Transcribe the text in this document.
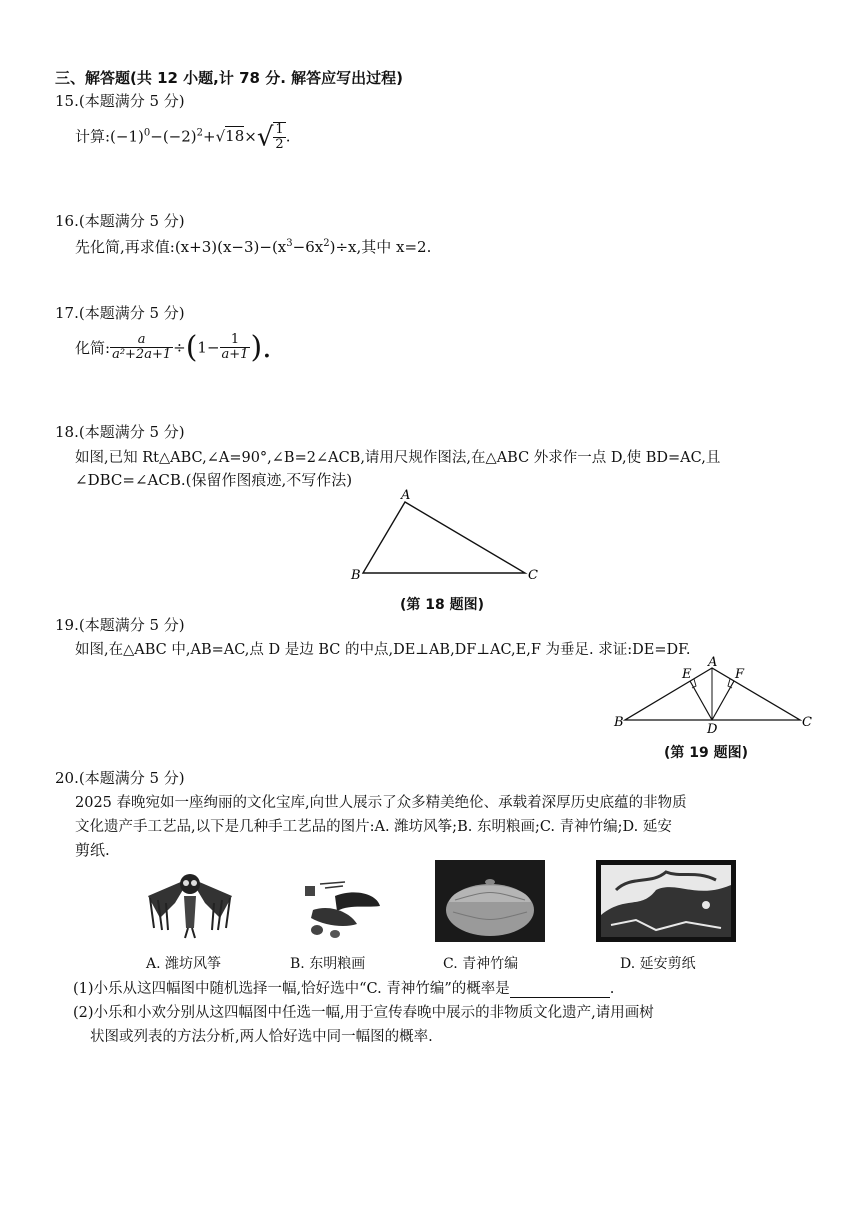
三、解答题(共 12 小题,计 78 分. 解答应写出过程)
15.(本题满分 5 分)
计算$:(-1)^0-(-2)^2+√18\times√ \frac{1}{2}$ .
16.(本题满分 5 分)
先化简,再求值$:(x+3)(x-3)-(x^3-6x^2)\div x$,其中 x=2.
17.(本题满分 5 分)
化简: $\frac{a}{\text{a²+2a+1}} \div(1- \frac{1}{a+1}$ ).
18.(本题满分 5 分)
如图,已知 Rt△ABC,∠A=90°,∠B=2∠ACB,请用尺规作图法,在△ABC 外求作一点 D,使 BD=AC,且
∠DBC=∠ACB.(保留作图痕迹,不写作法)
A
B	C
(第 18 题图)
19.(本题满分 5 分)
如图,在△ABC 中,AB=AC,点 D 是边 BC 的中点,DE⊥AB,DF⊥AC,E,F 为垂足. 求证:DE=DF.
A
B	C
D
E	F
(第 19 题图)
20.(本题满分 5 分)
2025 春晚宛如一座绚丽的文化宝库,向世人展示了众多精美绝伦、承载着深厚历史底蕴的非物质
文化遗产手工艺品,以下是几种手工艺品的图片:A. 潍坊风筝;B. 东明粮画;C. 青神竹编;D. 延安
剪纸.
A. 潍坊风筝	B. 东明粮画	C. 青神竹编	D. 延安剪纸
(1)小乐从这四幅图中随机选择一幅,恰好选中“C. 青神竹编”的概率是	.
(2)小乐和小欢分别从这四幅图中任选一幅,用于宣传春晚中展示的非物质文化遗产,请用画树
状图或列表的方法分析,两人恰好选中同一幅图的概率.
